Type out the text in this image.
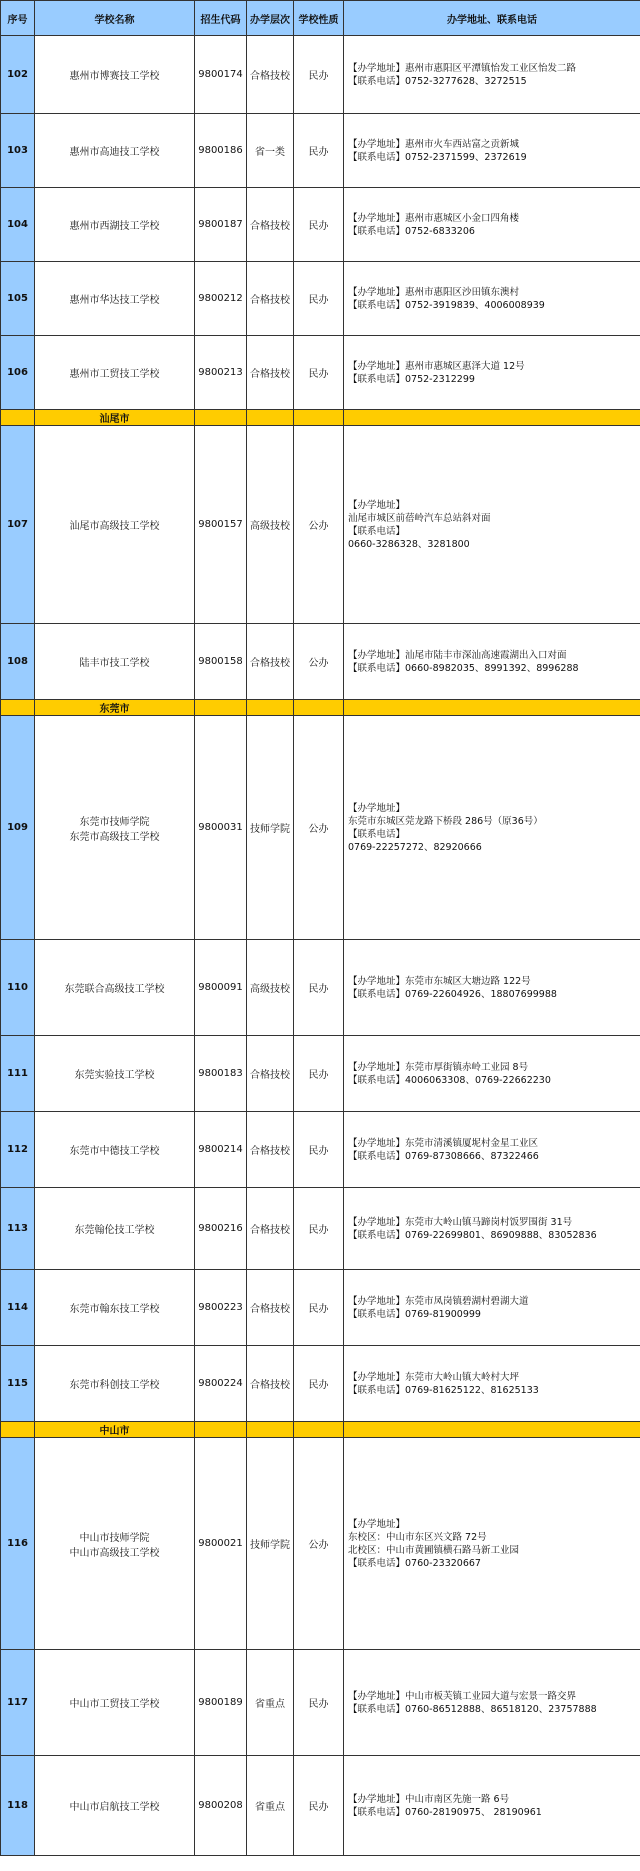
序号	学校名称	招生代码	办学层次	学校性质	办学地址、联系电话
102	惠州市博赛技工学校	9800174	合格技校	民办	【办学地址】惠州市惠阳区平潭镇怡发工业区怡发二路
【联系电话】0752-3277628、3272515

103	惠州市高迪技工学校	9800186	省一类	民办	【办学地址】惠州市火车西站富之贡新城
【联系电话】0752-2371599、2372619

104	惠州市西湖技工学校	9800187	合格技校	民办	【办学地址】惠州市惠城区小金口四角楼
【联系电话】0752-6833206

105	惠州市华达技工学校	9800212	合格技校	民办	【办学地址】惠州市惠阳区沙田镇东澳村
【联系电话】0752-3919839、4006008939

106	惠州市工贸技工学校	9800213	合格技校	民办	【办学地址】惠州市惠城区惠泽大道 12号
【联系电话】0752-2312299

	汕尾市				
107	汕尾市高级技工学校	9800157	高级技校	公办	【办学地址】
汕尾市城区前蓓岭汽车总站斜对面
【联系电话】
0660-3286328、3281800

108	陆丰市技工学校	9800158	合格技校	公办	【办学地址】汕尾市陆丰市深汕高速霞湖出入口对面
【联系电话】0660-8982035、8991392、8996288

	东莞市				
109	东莞市技师学院
东莞市高级技工学校	9800031	技师学院	公办	【办学地址】
东莞市东城区莞龙路下桥段 286号（原36号）
【联系电话】
0769-22257272、82920666

110	东莞联合高级技工学校	9800091	高级技校	民办	【办学地址】东莞市东城区大塘边路 122号
【联系电话】0769-22604926、18807699988

111	东莞实验技工学校	9800183	合格技校	民办	【办学地址】东莞市厚街镇赤岭工业园 8号
【联系电话】4006063308、0769-22662230

112	东莞市中德技工学校	9800214	合格技校	民办	【办学地址】东莞市清溪镇厦坭村金星工业区
【联系电话】0769-87308666、87322466

113	东莞翰伦技工学校	9800216	合格技校	民办	【办学地址】东莞市大岭山镇马蹄岗村饭罗围街 31号
【联系电话】0769-22699801、86909888、83052836

114	东莞市翰东技工学校	9800223	合格技校	民办	【办学地址】东莞市凤岗镇碧湖村碧湖大道
【联系电话】0769-81900999

115	东莞市科创技工学校	9800224	合格技校	民办	【办学地址】东莞市大岭山镇大岭村大坪
【联系电话】0769-81625122、81625133

	中山市				
116	中山市技师学院
中山市高级技工学校	9800021	技师学院	公办	【办学地址】
东校区：中山市东区兴文路 72号
北校区：中山市黄圃镇横石路马新工业园
【联系电话】0760-23320667

117	中山市工贸技工学校	9800189	省重点	民办	【办学地址】中山市板芙镇工业园大道与宏景一路交界
【联系电话】0760-86512888、86518120、23757888

118	中山市启航技工学校	9800208	省重点	民办	【办学地址】中山市南区先施一路 6号
【联系电话】0760-28190975、 28190961
